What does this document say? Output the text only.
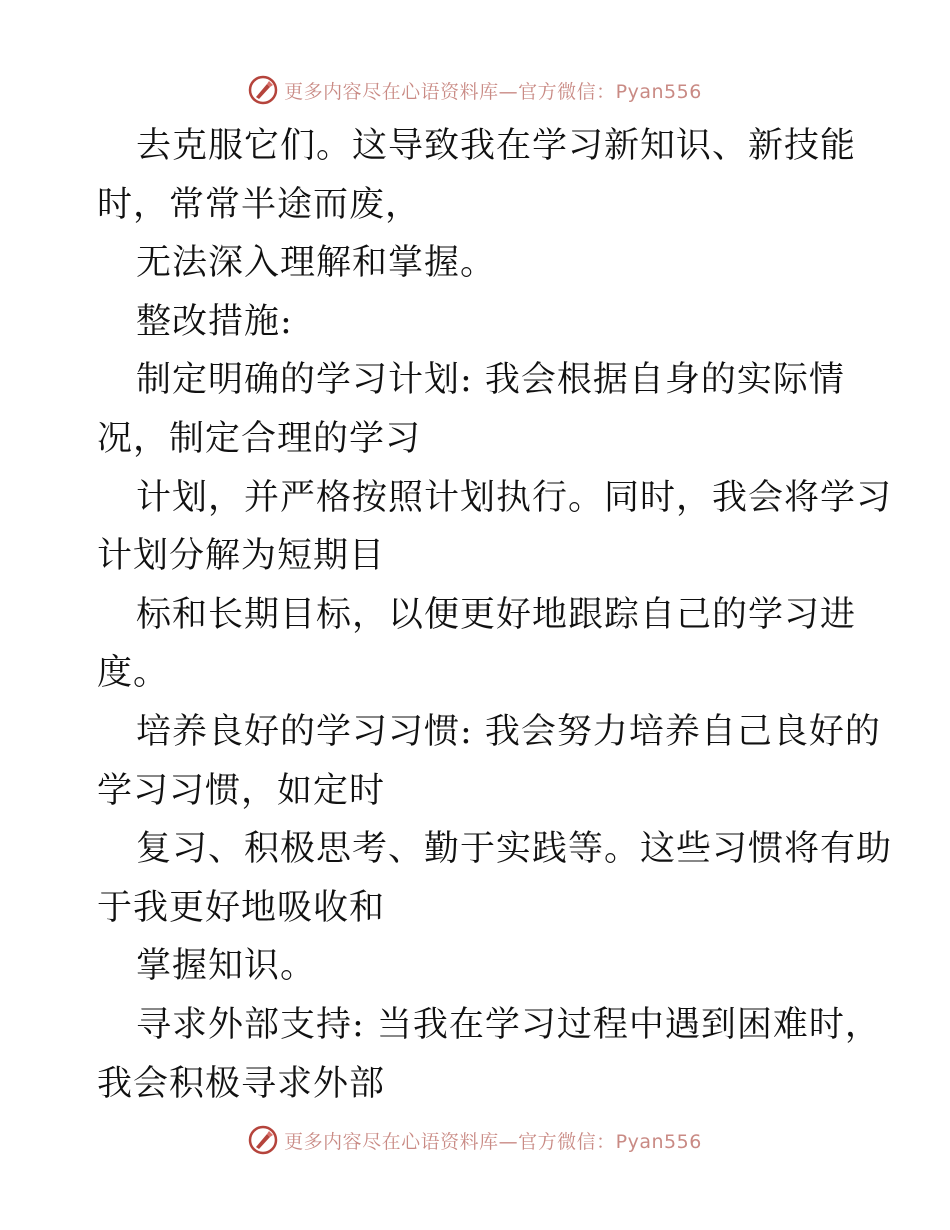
更多内容尽在心语资料库—官方微信：Pyan556
去克服它们。这导致我在学习新知识、新技能
时，常常半途而废，
无法深入理解和掌握。
整改措施:
制定明确的学习计划: 我会根据自身的实际情
况，制定合理的学习
计划，并严格按照计划执行。同时，我会将学习
计划分解为短期目
标和长期目标，以便更好地跟踪自己的学习进
度。
培养良好的学习习惯: 我会努力培养自己良好的
学习习惯，如定时
复习、积极思考、勤于实践等。这些习惯将有助
于我更好地吸收和
掌握知识。
寻求外部支持: 当我在学习过程中遇到困难时，
我会积极寻求外部
更多内容尽在心语资料库—官方微信：Pyan556
